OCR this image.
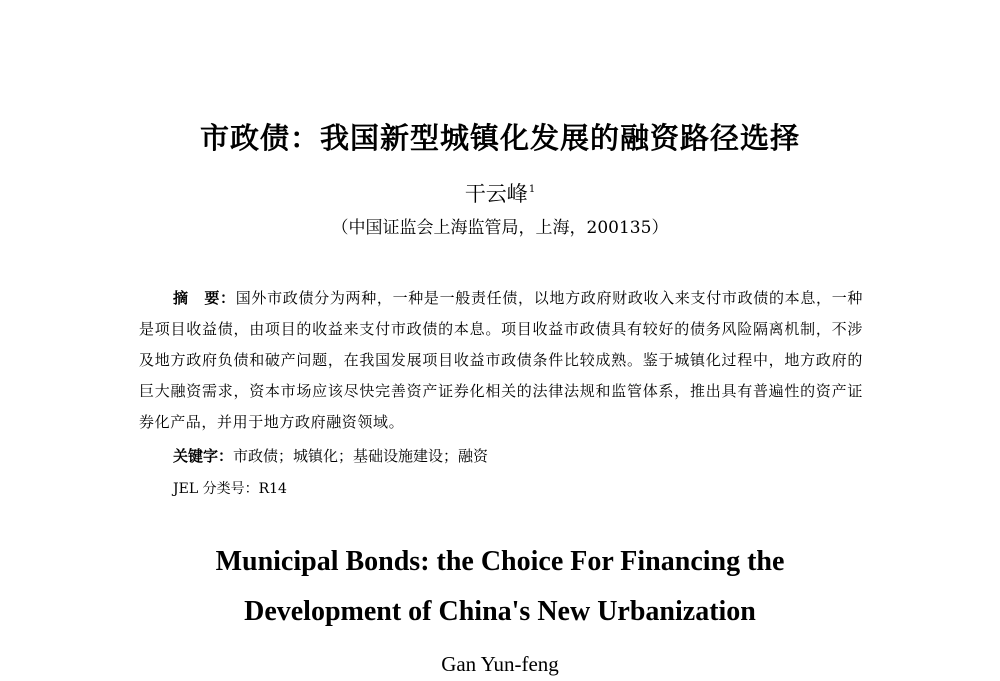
市政债：我国新型城镇化发展的融资路径选择
干云峰$^1$
（中国证监会上海监管局，上海，200135）
摘　要：国外市政债分为两种，一种是一般责任债，以地方政府财政收入来支付市政债的本息，一种是项目收益债，由项目的收益来支付市政债的本息。项目收益市政债具有较好的债务风险隔离机制，不涉及地方政府负债和破产问题，在我国发展项目收益市政债条件比较成熟。鉴于城镇化过程中，地方政府的巨大融资需求，资本市场应该尽快完善资产证券化相关的法律法规和监管体系，推出具有普遍性的资产证券化产品，并用于地方政府融资领域。
关键字：市政债；城镇化；基础设施建设；融资
JEL 分类号：R14
Municipal Bonds: the Choice For Financing the
Development of China's New Urbanization
Gan Yun-feng
